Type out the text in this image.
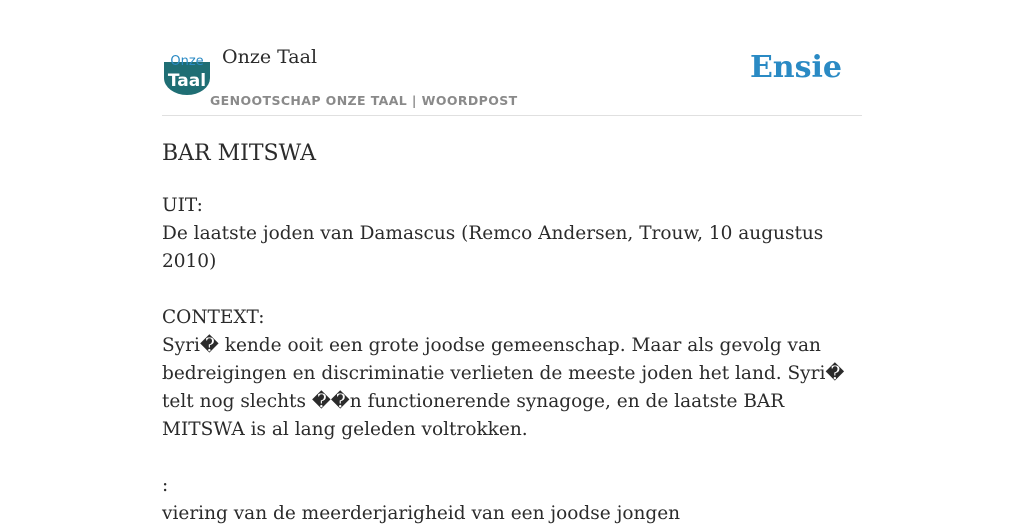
Onze
Taal
Onze Taal
GENOOTSCHAP ONZE TAAL | WOORDPOST
Ensie
BAR MITSWA

UIT:

De laatste joden van Damascus (Remco Andersen, Trouw, 10 augustus 2010)

CONTEXT:

Syri� kende ooit een grote joodse gemeenschap. Maar als gevolg van bedreigingen en discriminatie verlieten de meeste joden het land. Syri� telt nog slechts ��n functionerende synagoge, en de laatste BAR MITSWA is al lang geleden voltrokken.

:

viering van de meerderjarigheid van een joodse jongen
